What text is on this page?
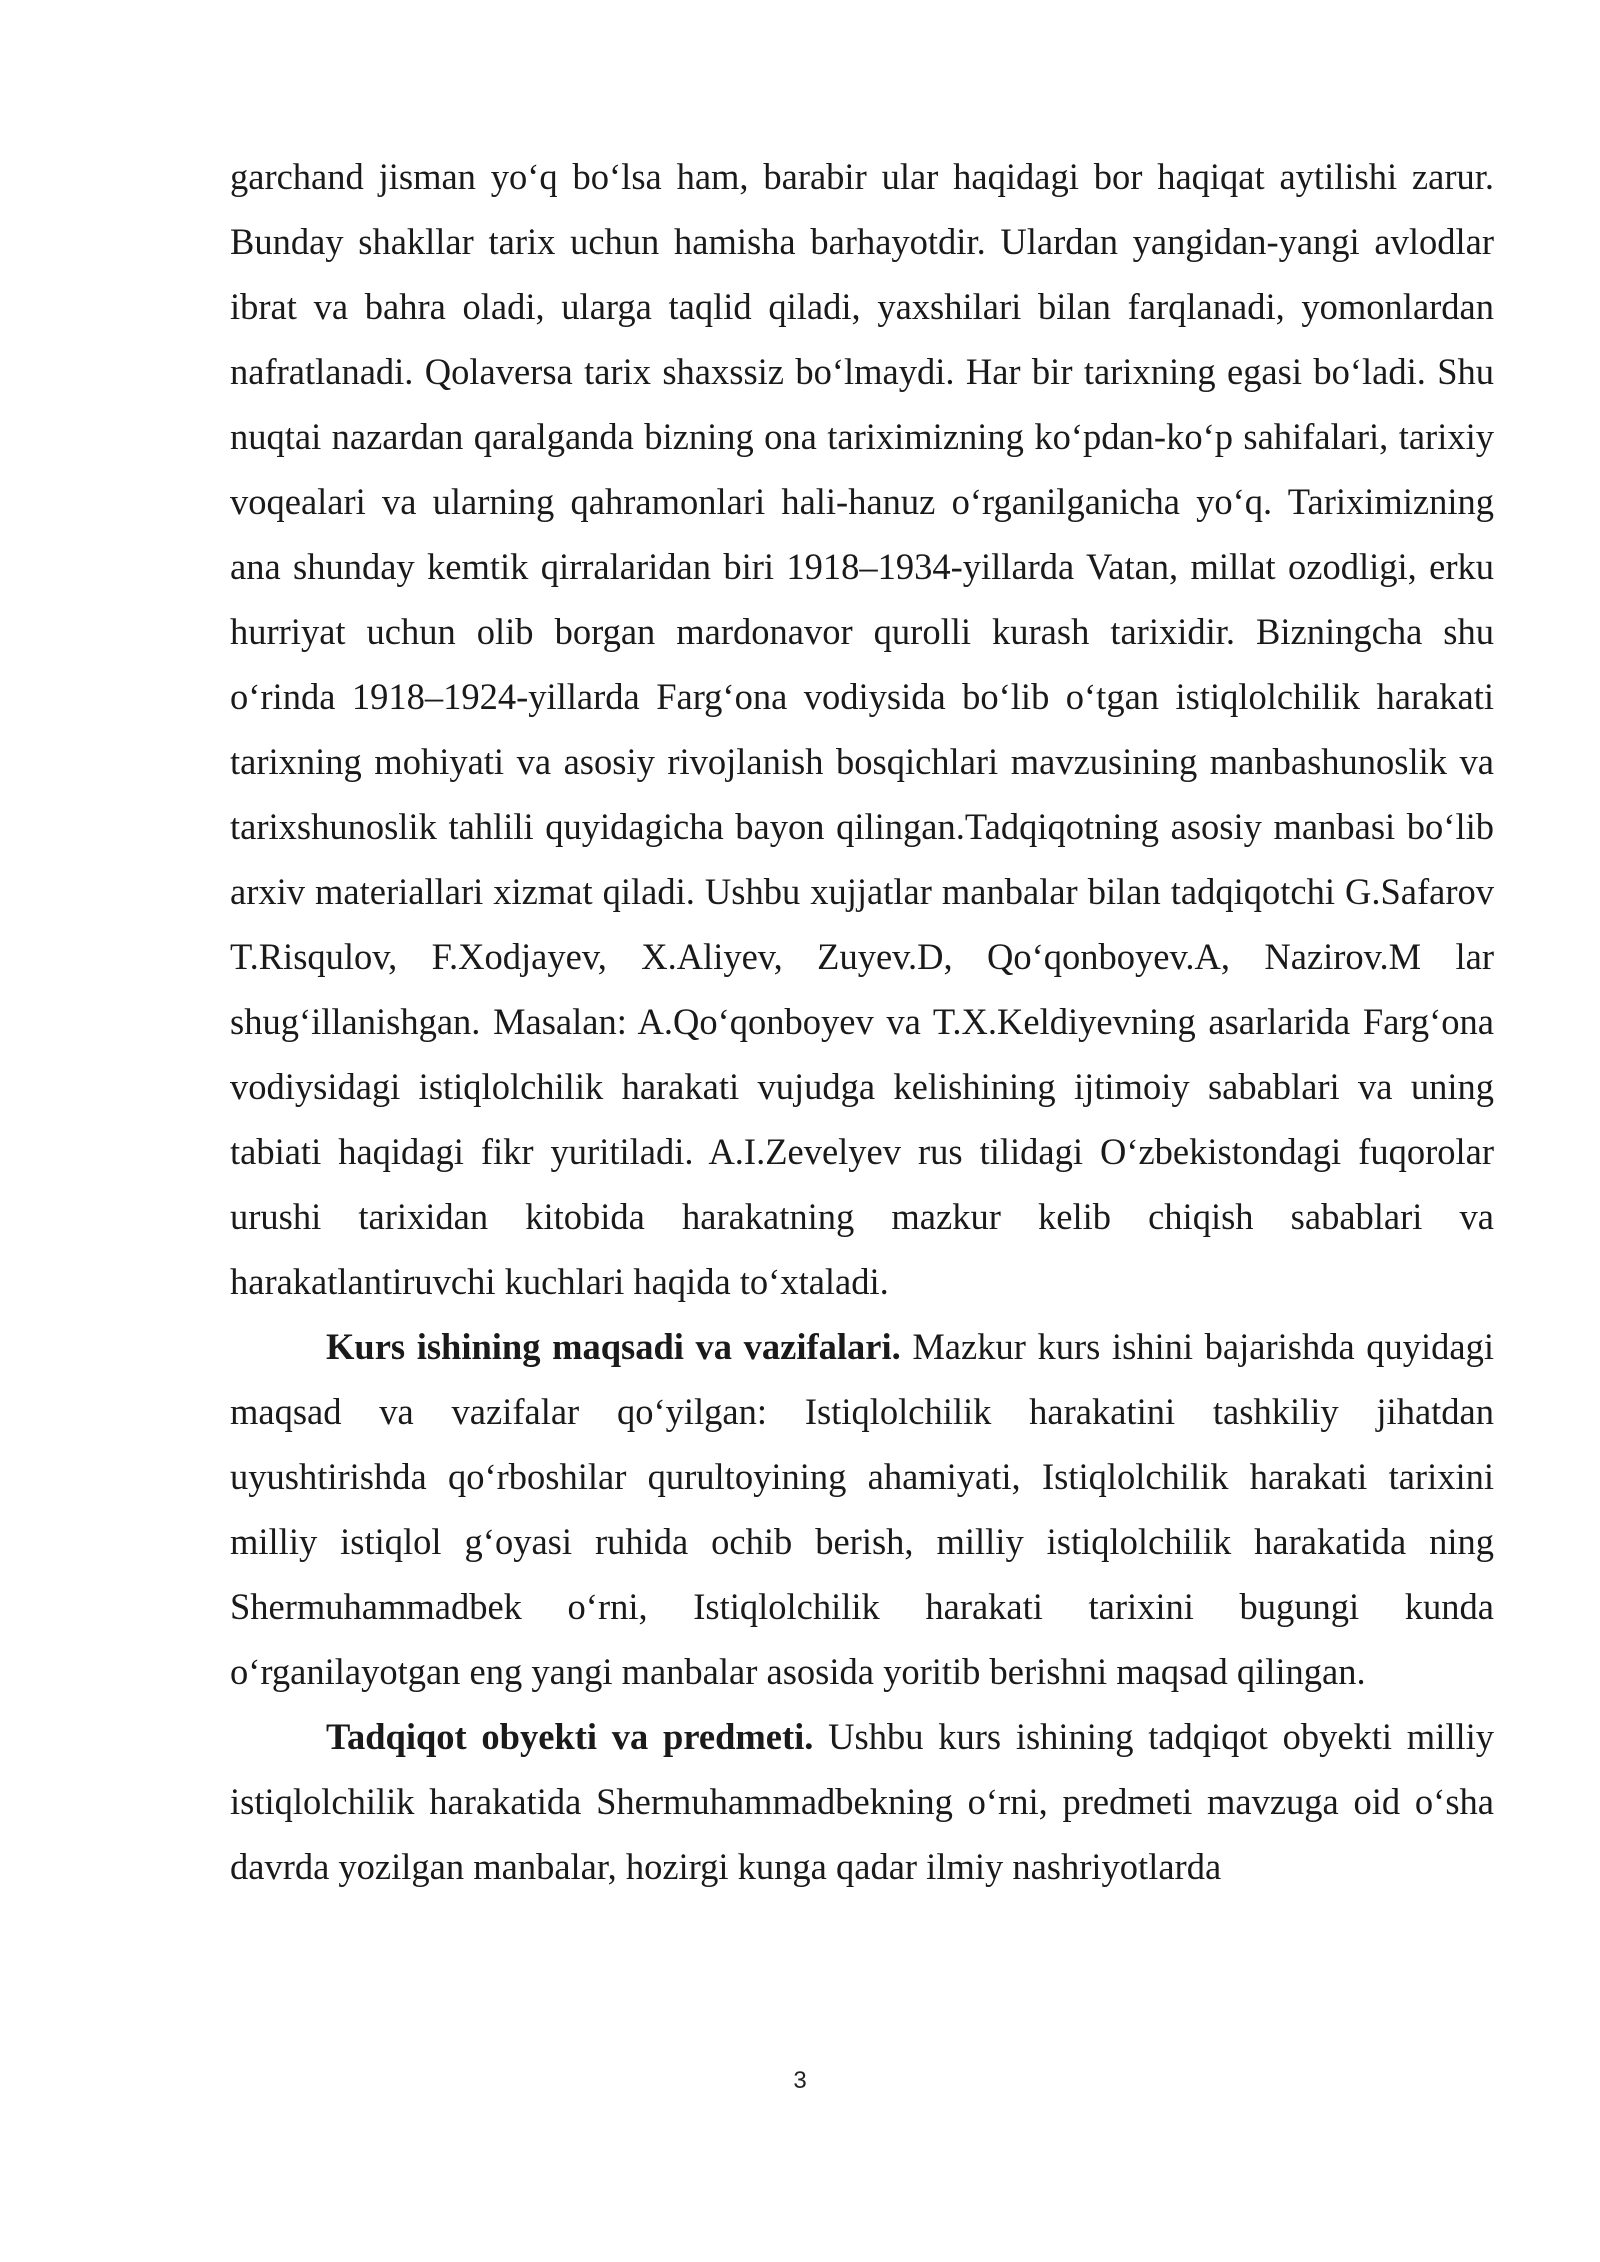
garchand jisman yo‘q bo‘lsa ham, barabir ular haqidagi bor haqiqat aytilishi zarur. Bunday shakllar tarix uchun hamisha barhayotdir. Ulardan yangidan-yangi avlodlar ibrat va bahra oladi, ularga taqlid qiladi, yaxshilari bilan farqlanadi, yomonlardan nafratlanadi. Qolaversa tarix shaxssiz bo‘lmaydi. Har bir tarixning egasi bo‘ladi. Shu nuqtai nazardan qaralganda bizning ona tariximizning ko‘pdan-ko‘p sahifalari, tarixiy voqealari va ularning qahramonlari hali-hanuz o‘rganilganicha yo‘q. Tariximizning ana shunday kemtik qirralaridan biri 1918–1934-yillarda Vatan, millat ozodligi, erku hurriyat uchun olib borgan mardonavor qurolli kurash tarixidir. Bizningcha shu o‘rinda 1918–1924-yillarda Farg‘ona vodiysida bo‘lib o‘tgan istiqlolchilik harakati tarixning mohiyati va asosiy rivojlanish bosqichlari mavzusining manbashunoslik va tarixshunoslik tahlili quyidagicha bayon qilingan.Tadqiqotning asosiy manbasi bo‘lib arxiv materiallari xizmat qiladi. Ushbu xujjatlar manbalar bilan tadqiqotchi G.Safarov T.Risqulov, F.Xodjayev, X.Aliyev, Zuyev.D, Qo‘qonboyev.A, Nazirov.M lar shug‘illanishgan. Masalan: A.Qo‘qonboyev va T.X.Keldiyevning asarlarida Farg‘ona vodiysidagi istiqlolchilik harakati vujudga kelishining ijtimoiy sabablari va uning tabiati haqidagi fikr yuritiladi. A.I.Zevelyev rus tilidagi O‘zbekistondagi fuqorolar urushi tarixidan kitobida harakatning mazkur kelib chiqish sabablari va harakatlantiruvchi kuchlari haqida to‘xtaladi.

Kurs ishining maqsadi va vazifalari. Mazkur kurs ishini bajarishda quyidagi maqsad va vazifalar qo‘yilgan: Istiqlolchilik harakatini tashkiliy jihatdan uyushtirishda qo‘rboshilar qurultoyining ahamiyati, Istiqlolchilik harakati tarixini milliy istiqlol g‘oyasi ruhida ochib berish, milliy istiqlolchilik harakatida ning Shermuhammadbek o‘rni, Istiqlolchilik harakati tarixini bugungi kunda o‘rganilayotgan eng yangi manbalar asosida yoritib berishni maqsad qilingan.

Tadqiqot obyekti va predmeti. Ushbu kurs ishining tadqiqot obyekti milliy istiqlolchilik harakatida Shermuhammadbekning o‘rni, predmeti mavzuga oid o‘sha davrda yozilgan manbalar, hozirgi kunga qadar ilmiy nashriyotlarda

3
